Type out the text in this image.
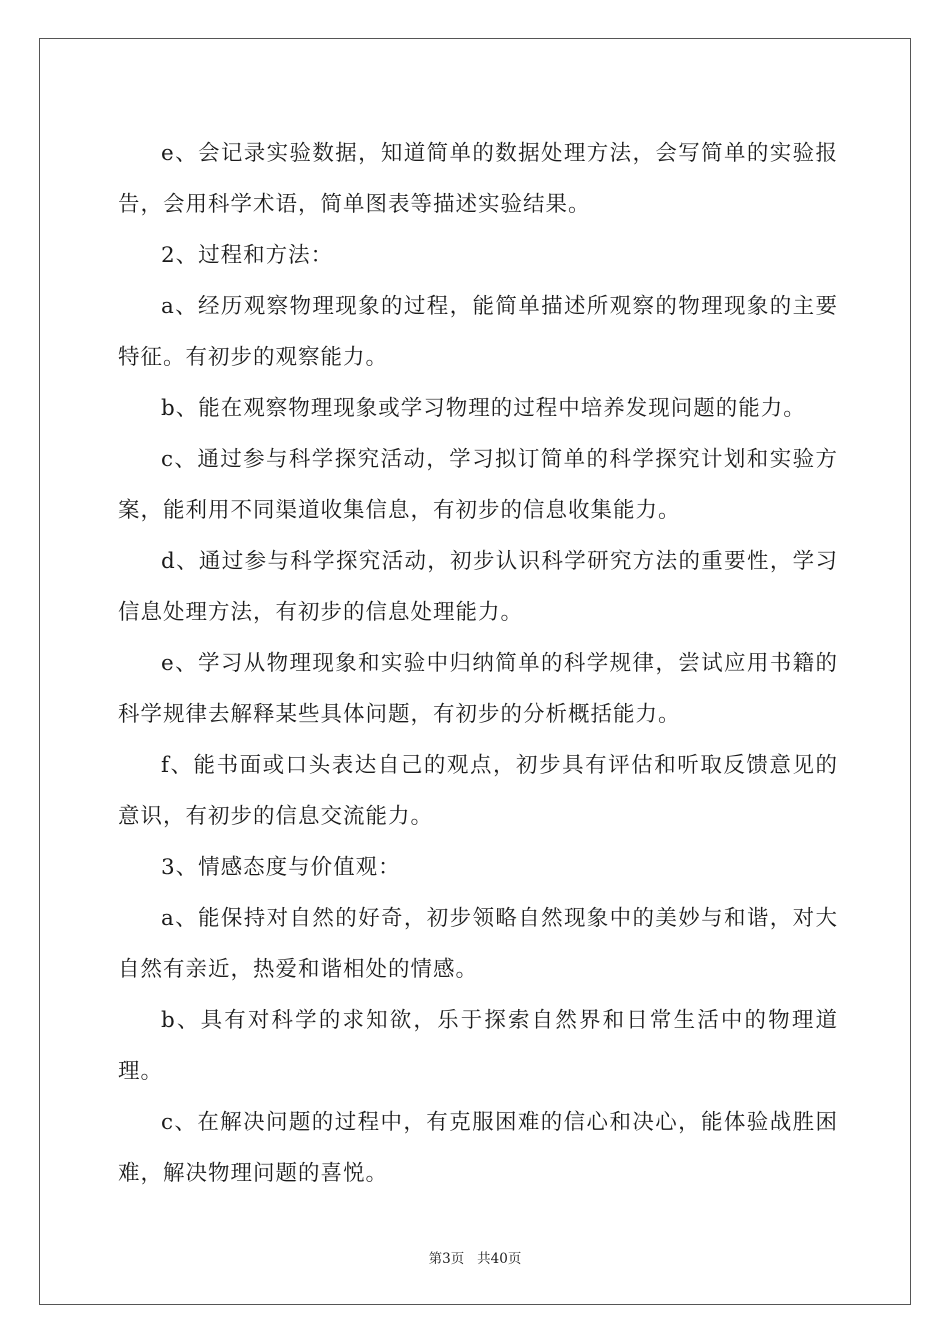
e、会记录实验数据，知道简单的数据处理方法，会写简单的实验报告，会用科学术语，简单图表等描述实验结果。

2、过程和方法：

a、经历观察物理现象的过程，能简单描述所观察的物理现象的主要特征。有初步的观察能力。

b、能在观察物理现象或学习物理的过程中培养发现问题的能力。

c、通过参与科学探究活动，学习拟订简单的科学探究计划和实验方案，能利用不同渠道收集信息，有初步的信息收集能力。

d、通过参与科学探究活动，初步认识科学研究方法的重要性，学习信息处理方法，有初步的信息处理能力。

e、学习从物理现象和实验中归纳简单的科学规律，尝试应用书籍的科学规律去解释某些具体问题，有初步的分析概括能力。

f、能书面或口头表达自己的观点，初步具有评估和听取反馈意见的意识，有初步的信息交流能力。

3、情感态度与价值观：

a、能保持对自然的好奇，初步领略自然现象中的美妙与和谐，对大自然有亲近，热爱和谐相处的情感。

b、具有对科学的求知欲，乐于探索自然界和日常生活中的物理道理。

c、在解决问题的过程中，有克服困难的信心和决心，能体验战胜困难，解决物理问题的喜悦。

第3页 共40页
